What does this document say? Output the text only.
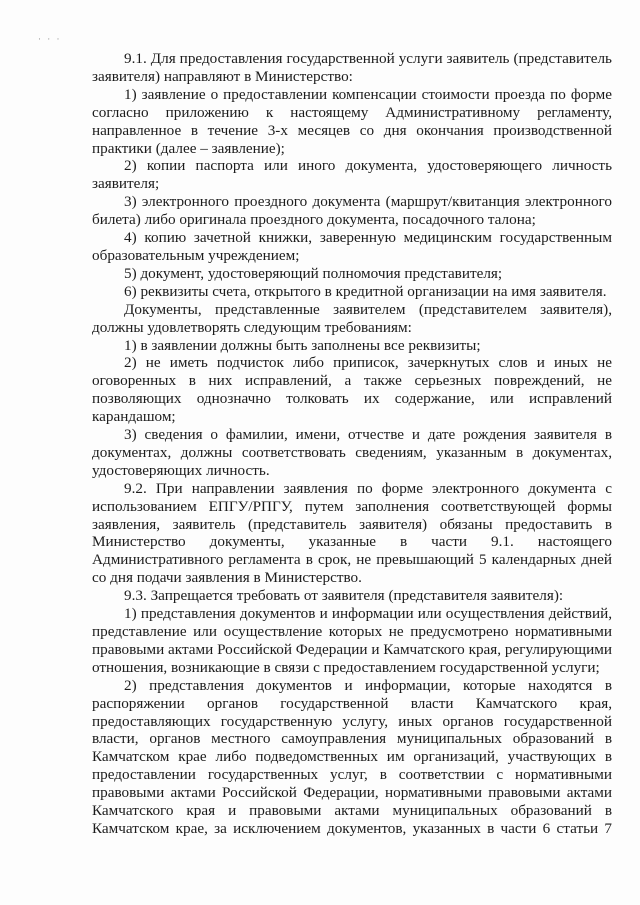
· · ·

9.1. Для предоставления государственной услуги заявитель (представитель заявителя) направляют в Министерство:

1) заявление о предоставлении компенсации стоимости проезда по форме согласно приложению к настоящему Административному регламенту, направленное в течение 3-х месяцев со дня окончания производственной практики (далее – заявление);

2) копии паспорта или иного документа, удостоверяющего личность заявителя;

3) электронного проездного документа (маршрут/квитанция электронного билета) либо оригинала проездного документа, посадочного талона;

4) копию зачетной книжки, заверенную медицинским государственным образовательным учреждением;

5) документ, удостоверяющий полномочия представителя;

6) реквизиты счета, открытого в кредитной организации на имя заявителя.

Документы, представленные заявителем (представителем заявителя), должны удовлетворять следующим требованиям:

1) в заявлении должны быть заполнены все реквизиты;

2) не иметь подчисток либо приписок, зачеркнутых слов и иных не оговоренных в них исправлений, а также серьезных повреждений, не позволяющих однозначно толковать их содержание, или исправлений карандашом;

3) сведения о фамилии, имени, отчестве и дате рождения заявителя в документах, должны соответствовать сведениям, указанным в документах, удостоверяющих личность.

9.2. При направлении заявления по форме электронного документа с использованием ЕПГУ/РПГУ, путем заполнения соответствующей формы заявления, заявитель (представитель заявителя) обязаны предоставить в Министерство документы, указанные в части 9.1. настоящего Административного регламента в срок, не превышающий 5 календарных дней со дня подачи заявления в Министерство.

9.3. Запрещается требовать от заявителя (представителя заявителя):

1) представления документов и информации или осуществления действий, представление или осуществление которых не предусмотрено нормативными правовыми актами Российской Федерации и Камчатского края, регулирующими отношения, возникающие в связи с предоставлением государственной услуги;

2) представления документов и информации, которые находятся в распоряжении органов государственной власти Камчатского края, предоставляющих государственную услугу, иных органов государственной власти, органов местного самоуправления муниципальных образований в Камчатском крае либо подведомственных им организаций, участвующих в предоставлении государственных услуг, в соответствии с нормативными правовыми актами Российской Федерации, нормативными правовыми актами Камчатского края и правовыми актами муниципальных образований в Камчатском крае, за исключением документов, указанных в части 6 статьи 7
